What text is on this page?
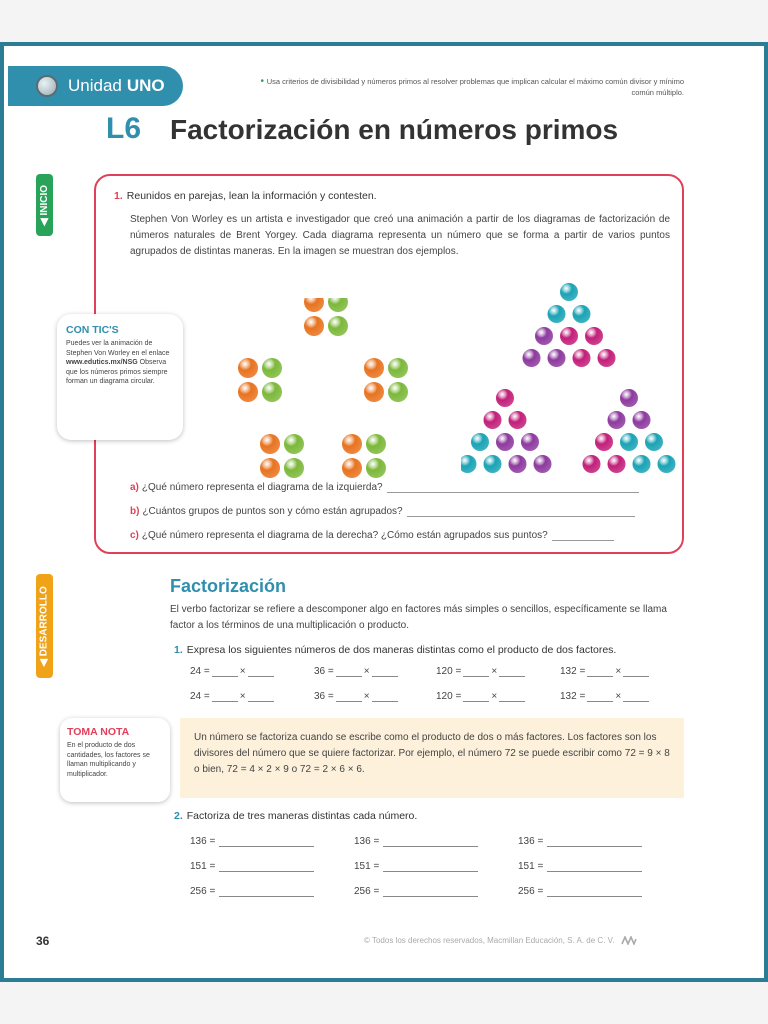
Unidad UNO	• Usa criterios de divisibilidad y números primos al resolver problemas que implican calcular el máximo común divisor y mínimo común múltiplo.
L6 Factorización en números primos
◀ INICIO
◀ DESARROLLO
1. Reunidos en parejas, lean la información y contesten.
Stephen Von Worley es un artista e investigador que creó una animación a partir de los diagramas de factorización de números naturales de Brent Yorgey. Cada diagrama representa un número que se forma a partir de varios puntos agrupados de distintas maneras. En la imagen se muestran dos ejemplos.
a) ¿Qué número representa el diagrama de la izquierda?
b) ¿Cuántos grupos de puntos son y cómo están agrupados?
c) ¿Qué número representa el diagrama de la derecha? ¿Cómo están agrupados sus puntos?
CON TIC'S
Puedes ver la animación de Stephen Von Worley en el enlace www.edutics.mx/NSG Observa que los números primos siempre forman un diagrama circular.
Factorización
El verbo factorizar se refiere a descomponer algo en factores más simples o sencillos, específicamente se llama factor a los términos de una multiplicación o producto.
1. Expresa los siguientes números de dos maneras distintas como el producto de dos factores.
TOMA NOTA
En el producto de dos cantidades, los factores se llaman multiplicando y multiplicador.
Un número se factoriza cuando se escribe como el producto de dos o más factores. Los factores son los divisores del número que se quiere factorizar. Por ejemplo, el número 72 se puede escribir como 72 = 9 × 8 o bien, 72 = 4 × 2 × 9 o 72 = 2 × 6 × 6.
2. Factoriza de tres maneras distintas cada número.
36	© Todos los derechos reservados, Macmillan Educación, S. A. de C. V.
24 =	×	36 =	×	120 =	×	132 =	×
24 =	×	36 =	×	120 =	×	132 =	×
136 =	136 =	136 =
151 =	151 =	151 =
256 =	256 =	256 =
